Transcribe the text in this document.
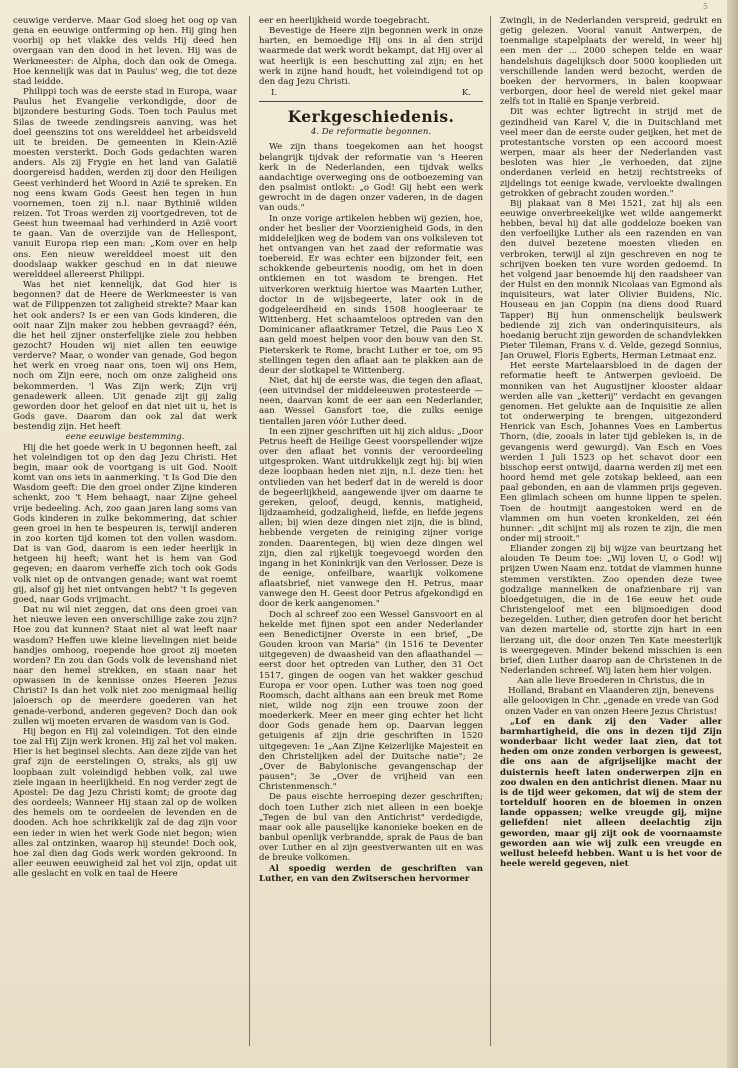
5

ceuwige verderve. Maar God sloeg het oog op van gena en eeuwige ontferming op hen. Hij ging hen voorbij op het vlakke des velds Hij deed hen overgaan van den dood in het leven. Hij was de Werkmeester: de Alpha, doch dan ook de Omega. Hoe kennelijk was dat in Paulus' weg, die tot deze stad leidde.

Philippi toch was de eerste stad in Europa, waar Paulus het Evangelie verkondigde, door de bijzondere besturing Gods. Toen toch Paulus met Silas de tweede zendingsreis aanving, was het doel geenszins tot ons werelddeel het arbeidsveld uit te breiden. De gemeenten in Klein-Azië moesten versterkt. Doch Gods gedachten waren anders. Als zij Frygie en het land van Galatië doorgereisd hadden, werden zij door den Heiligen Geest verhinderd het Woord in Azië te spreken. En nog eens kwam Gods Geest hen tegen in hun voornemen, toen zij n.l. naar Bythinië wilden reizen. Tot Troas werden zij voortgedreven, tot de Geest hun tweemaal had verhinderd in Azië voort te gaan. Van de overzijde van de Hellespont, vanuit Europa riep een man: „Kom over en help ons. Een nieuw werelddeel moest uit den doodslaap wakker geschud en in dat nieuwe werelddeel allereerst Philippi.

Was het niet kennelijk, dat God hier is begonnen? dat de Heere de Werkmeester is van wat de Filippenzen tot zaligheid strekte? Maar kan het ook anders? Is er een van Gods kinderen, die ooit naar Zijn maker zou hebben gevraagd? één, die het heil zijner onsterfelijke ziele zou hebben gezocht? Houden wij niet allen ten eeuwige verderve? Maar, o wonder van genade, God begon het werk en vroeg naar ons, toen wij ons Hem, noch om Zijn eere, noch om onze zaligheid ons bekommerden. 'l Was Zijn werk; Zijn vrij genadewerk alleen. Uit genade zijt gij zalig geworden door het geloof en dat niet uit u, het is Gods gave. Daarom dan ook zal dat werk bestendig zijn. Het heeft

eene eeuwige bestemming.

Hij die het goede werk in U begonnen heeft, zal het voleindigen tot op den dag Jezu Christi. Het begin, maar ook de voortgang is uit God. Nooit komt van ons iets in aanmerking. 't Is God Die den Wasdom geeft: Die den groei onder Zijne kinderen schenkt, zoo 't Hem behaagt, naar Zijne geheel vrije bedeeling. Ach, zoo gaan jaren lang soms van Gods kinderen in zulke bekommering, dat schier geen groei in hen te bespeuren is, terwijl anderen in zoo korten tijd komen tot den vollen wasdom. Dat is van God, daarom is een ieder heerlijk in hetgeen hij heeft; want het is hem van God gegeven; en daarom verheffe zich toch ook Gods volk niet op de ontvangen genade; want wat roemt gij, alsof gij het niet ontvangen hebt? 't Is gegeven goed, naar Gods vrijmacht.

Dat nu wil niet zeggen, dat ons deen groei van het nieuwe leven een onverschillige zake zou zijn? Hoe zou dat kunnen? Staat niet al wat leeft naar wasdom? Heffen uwe kleine lievelingen niet beide handjes omhoog, roepende hoe groot zij moeten worden? En zou dan Gods volk de levenshand niet naar den hemel strekken, en staan naar het opwassen in de kennisse onzes Heeren Jezus Christi? Is dan het volk niet zoo menigmaal heilig jaloersch op de meerdere goederen van het genade-verbond, anderen gegeven? Doch dan ook zullen wij moeten ervaren de wasdom van is God.

Hij begon en Hij zal voleindigen. Tot den einde toe zal Hij Zijn werk kronen. Hij zal het vol maken. Hier is het beginsel slechts. Aan deze zijde van het graf zijn de eerstelingen O, straks, als gij uw loopbaan zult voleindigd hebben volk, zal uwe ziele ingaan in heerlijkheid. En nog verder zegt de Apostel: De dag Jezu Christi komt; de groote dag des oordeels; Wanneer Hij staan zal op de wolken des hemels om te oordeelen de levenden en de dooden. Ach hoe schrikkelijk zal de dag zijn voor een ieder in wien het werk Gode niet begon; wien alles zal ontzinken, waarop hij steunde! Doch ook, hoe zal dien dag Gods werk worden gekroond. In aller eeuwen eeuwigheid zal het vol zijn, opdat uit alle geslacht en volk en taal de Heere

eer en heerlijkheid worde toegebracht.

Bevestige de Heere zijn begonnen werk in onze harten, en bemoedige Hij ons in al den strijd waarmede dat werk wordt bekampt, dat Hij over al wat heerlijk is een beschutting zal zijn; en het werk in zijne hand houdt, het voleindigend tot op den dag Jezu Christi.

I.	K.
Kerkgeschiedenis.
4. De reformatie begonnen.

We zijn thans toegekomen aan het hoogst belangrijk tijdvak der reformatie van 's Heeren kerk in de Nederlanden, een tijdvak welks aandachtige overweging ons de ootboezeming van den psalmist ontlokt: „o God! Gij hebt een werk gewrocht in de dagen onzer vaderen, in de dagen van ouds."

In onze vorige artikelen hebben wij gezien, hoe, onder het beslier der Voorzienigheid Gods, in den middeleljken weg de bodem van ons volksleven tot het ontvangen van het zaad der reformatie was toebereid. Er was echter een bijzonder feit, een schokkende gebeurtenis noodig, om het in doen ontkiemen en tot wasdom te brengen. Het uitverkoren werktuig hiertoe was Maarten Luther, doctor in de wijsbegeerte, later ook in de godgeleerdheid en sinds 1508 hoogleeraar te Wittenberg. Het schaamteloos optreden van den Dominicaner aflaatkramer Tetzel, die Paus Leo X aan geld moest helpen voor den bouw van den St. Pieterskerk te Rome, bracht Luther er toe, om 95 stellingen tegen den aflaat aan te plakken aan de deur der slotkapel te Wittenberg.

Niet, dat hij de eerste was, die tegen den aflaat, (een uitvindsel der middeleeuwen protesteerde — neen, daarvan komt de eer aan een Nederlander, aan Wessel Gansfort toe, die zulks eenige tientallen jaren vóór Luther deed.

In een zijner geschriften uit hij zich aldus: „Door Petrus heeft de Heilige Geest voorspellender wijze over den aflaat het vonnis der veroordeeling uitgesproken. Want uitdrukkelijk zegt hij: bij wien deze loopbaan heden niet zijn, n.l. deze tien: het ontvlieden van het bederf dat in de wereld is door de begeerlijkheid, aangewende ijver om daarne te gereken, geloof, deugd, kennis, matigheid, lijdzaamheid, godzaligheid, liefde, en liefde jegens allen; bij wien deze dingen niet zijn, die is blind, hebbende vergeten de reiniging zijner vorige zonden. Daarentegen, bij wien deze dingen wel zijn, dien zal rijkelijk toegevoegd worden den ingang in het Koninkrijk van den Verlosser. Deze is de eenige, onfeilbare, waarlijk volkomene aflaatsbrief, niet vanwege den H. Petrus, maar vanwege den H. Geest door Petrus afgekondigd en door de kerk aangenomen."

Doch al schreef zoo een Wessel Gansvoort en al hekelde met fijnen spot een ander Nederlander een Benedictijner Overste in een brief, „De Gouden kroon van Maria" (in 1516 te Deventer uitgegeven) de dwaasheid van den aflaathandel — eerst door het optreden van Luther, den 31 Oct 1517, gingen de oogen van het wakker geschud Europa er voor open. Luther was toen nog goed Roomsch, dacht althans aan een breuk met Rome niet, wilde nog zijn een trouwe zoon der moederkerk. Meer en meer ging echter het licht door Gods genade hem op. Daarvan leggen getuigenis af zijn drie geschriften in 1520 uitgegeven: 1e „Aan Zijne Keizerlijke Majesteit en den Christelijken adel der Duitsche natie"; 2e „Over de Babylonische gevangenschap der pausen"; 3e „Over de vrijheid van een Christenmensch."

De paus eischte herroeping dezer geschriften; doch toen Luther zich niet alleen in een boekje „Tegen de bul van den Antichrist" verdedigde, maar ook alle pauselijke kanonieke boeken en de banbul openlijk verbrandde, sprak de Paus de ban over Luther en al zijn geestverwanten uit en was de breuke volkomen.

Al spoedig werden de geschriften van Luther, en van den Zwitserschen hervormer

Zwingli, in de Nederlanden verspreid, gedrukt en getig gelezen. Vooral vanuit Antwerpen, de toenmalige stapelplaats der wereld, in weer hij een men der ... 2000 schepen telde en waar handelshuis dagelijksch door 5000 kooplieden uit verschillende landen werd bezocht, werden de boeken der hervormers, in balen koopwaar verborgen, door heel de wereld niet gekel maar zelfs tot in Italië en Spanje verbreid.

Dit was echter ligtrecht in strijd met de gezindheid van Karel V, die in Duitschland met veel meer dan de eerste ouder geijken, het met de protestantsche vorsten op een accoord moest werpen, maar als heer der Nederlanden vast besloten was hier „le verhoeden, dat zijne onderdanen verleid en hetzij rechtstreeks of zijdelings tot eenige kwade, vervloekte dwalingen getrokken of gebracht zouden worden."

Bij plakaat van 8 Mei 1521, zat hij als een eeuwige onverbreekelijke wet wilde aangemerkt hebben, beval hij dat alle goddeloze boeken van den verfoeilijke Luther als een razenden en van den duivel bezetene moesten vlieden en verbroken, terwijl al zijn geschreven en nog te schrijven boeken ten vure worden gedoemd. In het volgend jaar benoemde hij den raadsheer van der Hulst en den monnik Nicolaas van Egmond als inquisiteurs, wat later Olivier Buidens, Nic. Houseau en jan Coppin (na diens dood Ruard Tapper) Bij hun onmenschelijk beulswerk bediende zij zich van onderinquisiteurs, als hoedanig berucht zijn geworden de schandvlekken Pieter Tileman, Frans v. d. Velde, gezegd Sonnius, Jan Oruwel, Floris Egberts, Herman Letmaat enz.

Het eerste Martelaarsbloed in de dagen der reformatie heeft te Antwerpen gevloeid. De monniken van het Augustijner klooster aldaar werden alle van „ketterij" verdacht en gevangen genomen. Het gelukte aan de Inquisitie ze allen tot onderwerping te brengen, uitgezonderd Henrick van Esch, Johannes Voes en Lambertus Thorn, (die, zooals in later tijd gebleken is, in de gevangenis werd gewurgd). Van Esch en Voes werden 1 Juli 1523 op het schavot door een bisschop eerst ontwijd, daarna werden zij met een hoord hemd met gele zotskap bekleed, aan een paal gebonden, en aan de vlammen prijs gegeven. Een glimlach scheen om hunne lippen te spelen. Toen de houtmijt aangestoken werd en de vlammen om hun voeten kronkelden, zei één hunner: „dit schijnt mij als rozen te zijn, die men onder mij strooit."

Eliander zongen zij bij wijze van beurtzang het alouden Te Deum toe: „Wij loven U, o God! wij prijzen Uwen Naam enz. totdat de vlammen hunne stemmen verstikten. Zoo openden deze twee godzalige mannelken de onafzienbare rij van bloedgetuigen, die in de 16e eeuw het oude Christengeloof met een blijmoedigen dood bezegelden. Luther, dien getrofen door het bericht van dezen martelie od, stortte zijn hart in een lierzang uit, die door onzen Ten Kate meesterlijk is weergegeven. Minder bekend misschien is een brief, dien Luther daarop aan de Christenen in de Nederlanden schreef. Wij laten hem hier volgen.

Aan alle lieve Broederen in Christus, die in Holland, Brabant en Vlaanderen zijn, benevens alle geloovigen in Chr. „genade en vrede van God onzen Vader en van onzen Heere Jezus Christus!

„Lof en dank zij den Vader aller barmhartigheid, die ons in dezen tijd Zijn wonderbaar licht weder laat zien, dat tot heden om onze zonden verborgen is geweest, die ons aan de afgrijselijke macht der duisternis heeft laten onderwerpen zijn en zoo dwalen en den antichrist dienen. Maar nu is de tijd weer gekomen, dat wij de stem der torteldulf hooren en de bloemen in onzen lande oppassen; welke vreugde gij, mijne geliefden! niet alleen deelachtig zijn geworden, maar gij zijt ook de voornaamste geworden aan wie wij zulk een vreugde en wellust beleefd hebben. Want u is het voor de heele wereld gegeven, niet
